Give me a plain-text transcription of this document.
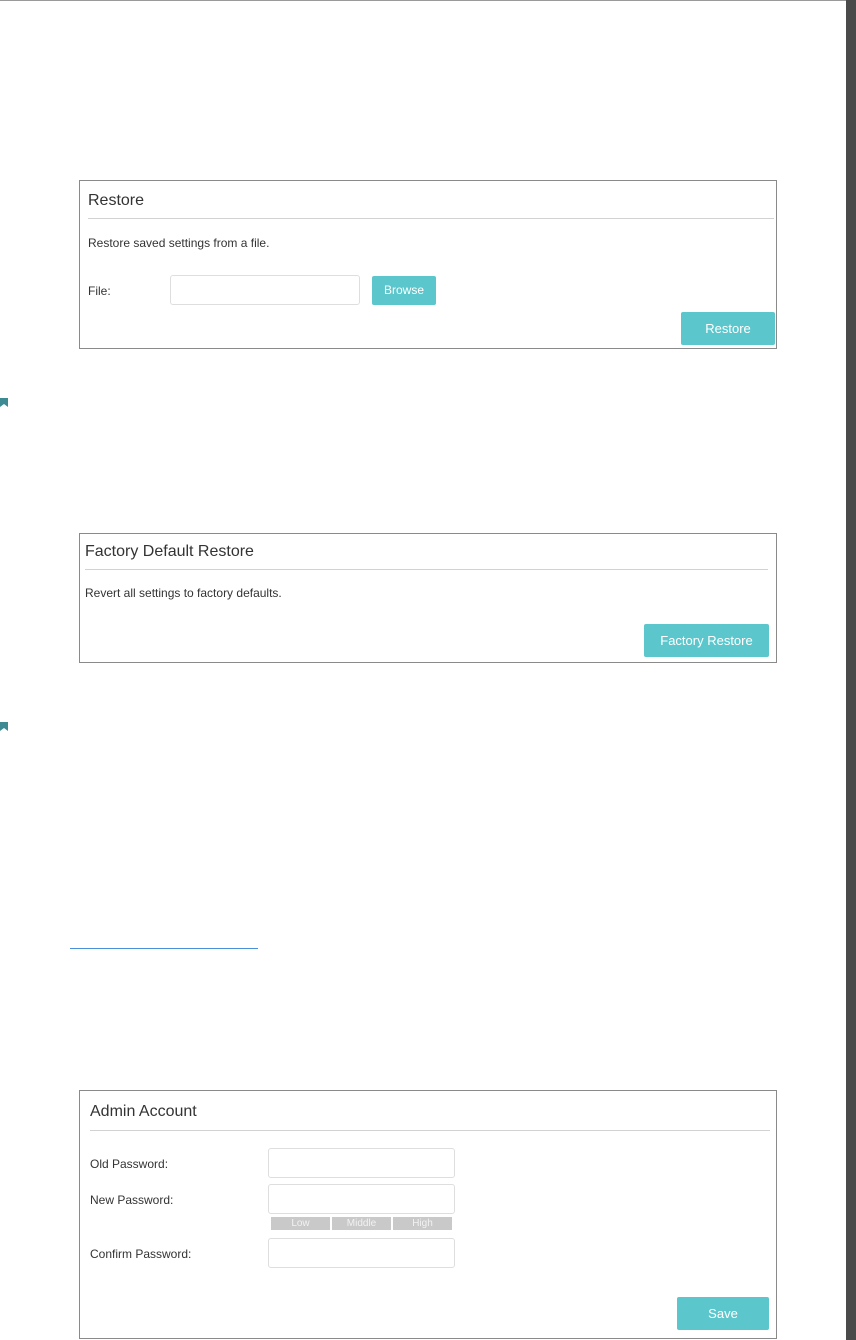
Restore
Restore saved settings from a file.
File:	Browse
Restore
Factory Default Restore
Revert all settings to factory defaults.
Factory Restore
Admin Account
Old Password:
New Password:
Low	Middle	High
Confirm Password:
Save
